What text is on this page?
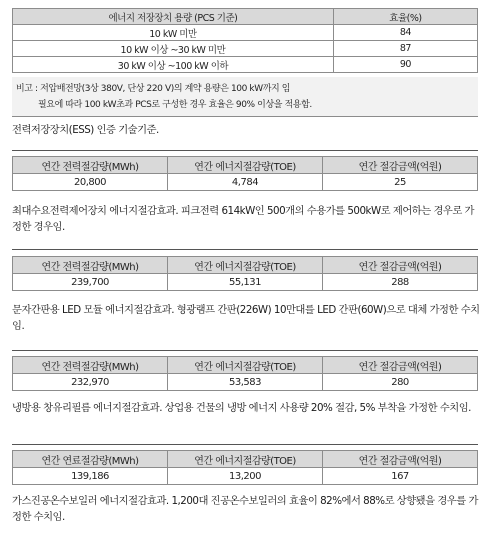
에너지 저장장치 용량 (PCS 기준)	효율(%)
10 kW 미만	84
10 kW 이상 ~30 kW 미만	87
30 kW 이상 ~100 kW 이하	90
비고 : 저압배전망(3상 380V, 단상 220 V)의 계약 용량은 100 kW까지 임
필요에 따라 100 kW초과 PCS로 구성한 경우 효율은 90% 이상을 적용함.
전력저장장치(ESS) 인증 기술기준.
연간 전력절감량(MWh)	연간 에너지절감량(TOE)	연간 절감금액(억원)
20,800	4,784	25
최대수요전력제어장치 에너지절감효과. 피크전력 614kW인 500개의 수용가를 500kW로 제어하는 경우로 가정한 경우임.
연간 전력절감량(MWh)	연간 에너지절감량(TOE)	연간 절감금액(억원)
239,700	55,131	288
문자간판용 LED 모듈 에너지절감효과. 형광램프 간판(226W) 10만대를 LED 간판(60W)으로 대체 가정한 수치임.
연간 전력절감량(MWh)	연간 에너지절감량(TOE)	연간 절감금액(억원)
232,970	53,583	280
냉방용 창유리필름 에너지절감효과. 상업용 건물의 냉방 에너지 사용량 20% 절감, 5% 부착을 가정한 수치임.
연간 연료절감량(MWh)	연간 에너지절감량(TOE)	연간 절감금액(억원)
139,186	13,200	167
가스진공온수보일러 에너지절감효과. 1,200대 진공온수보일러의 효율이 82%에서 88%로 상향됐을 경우를 가정한 수치임.
